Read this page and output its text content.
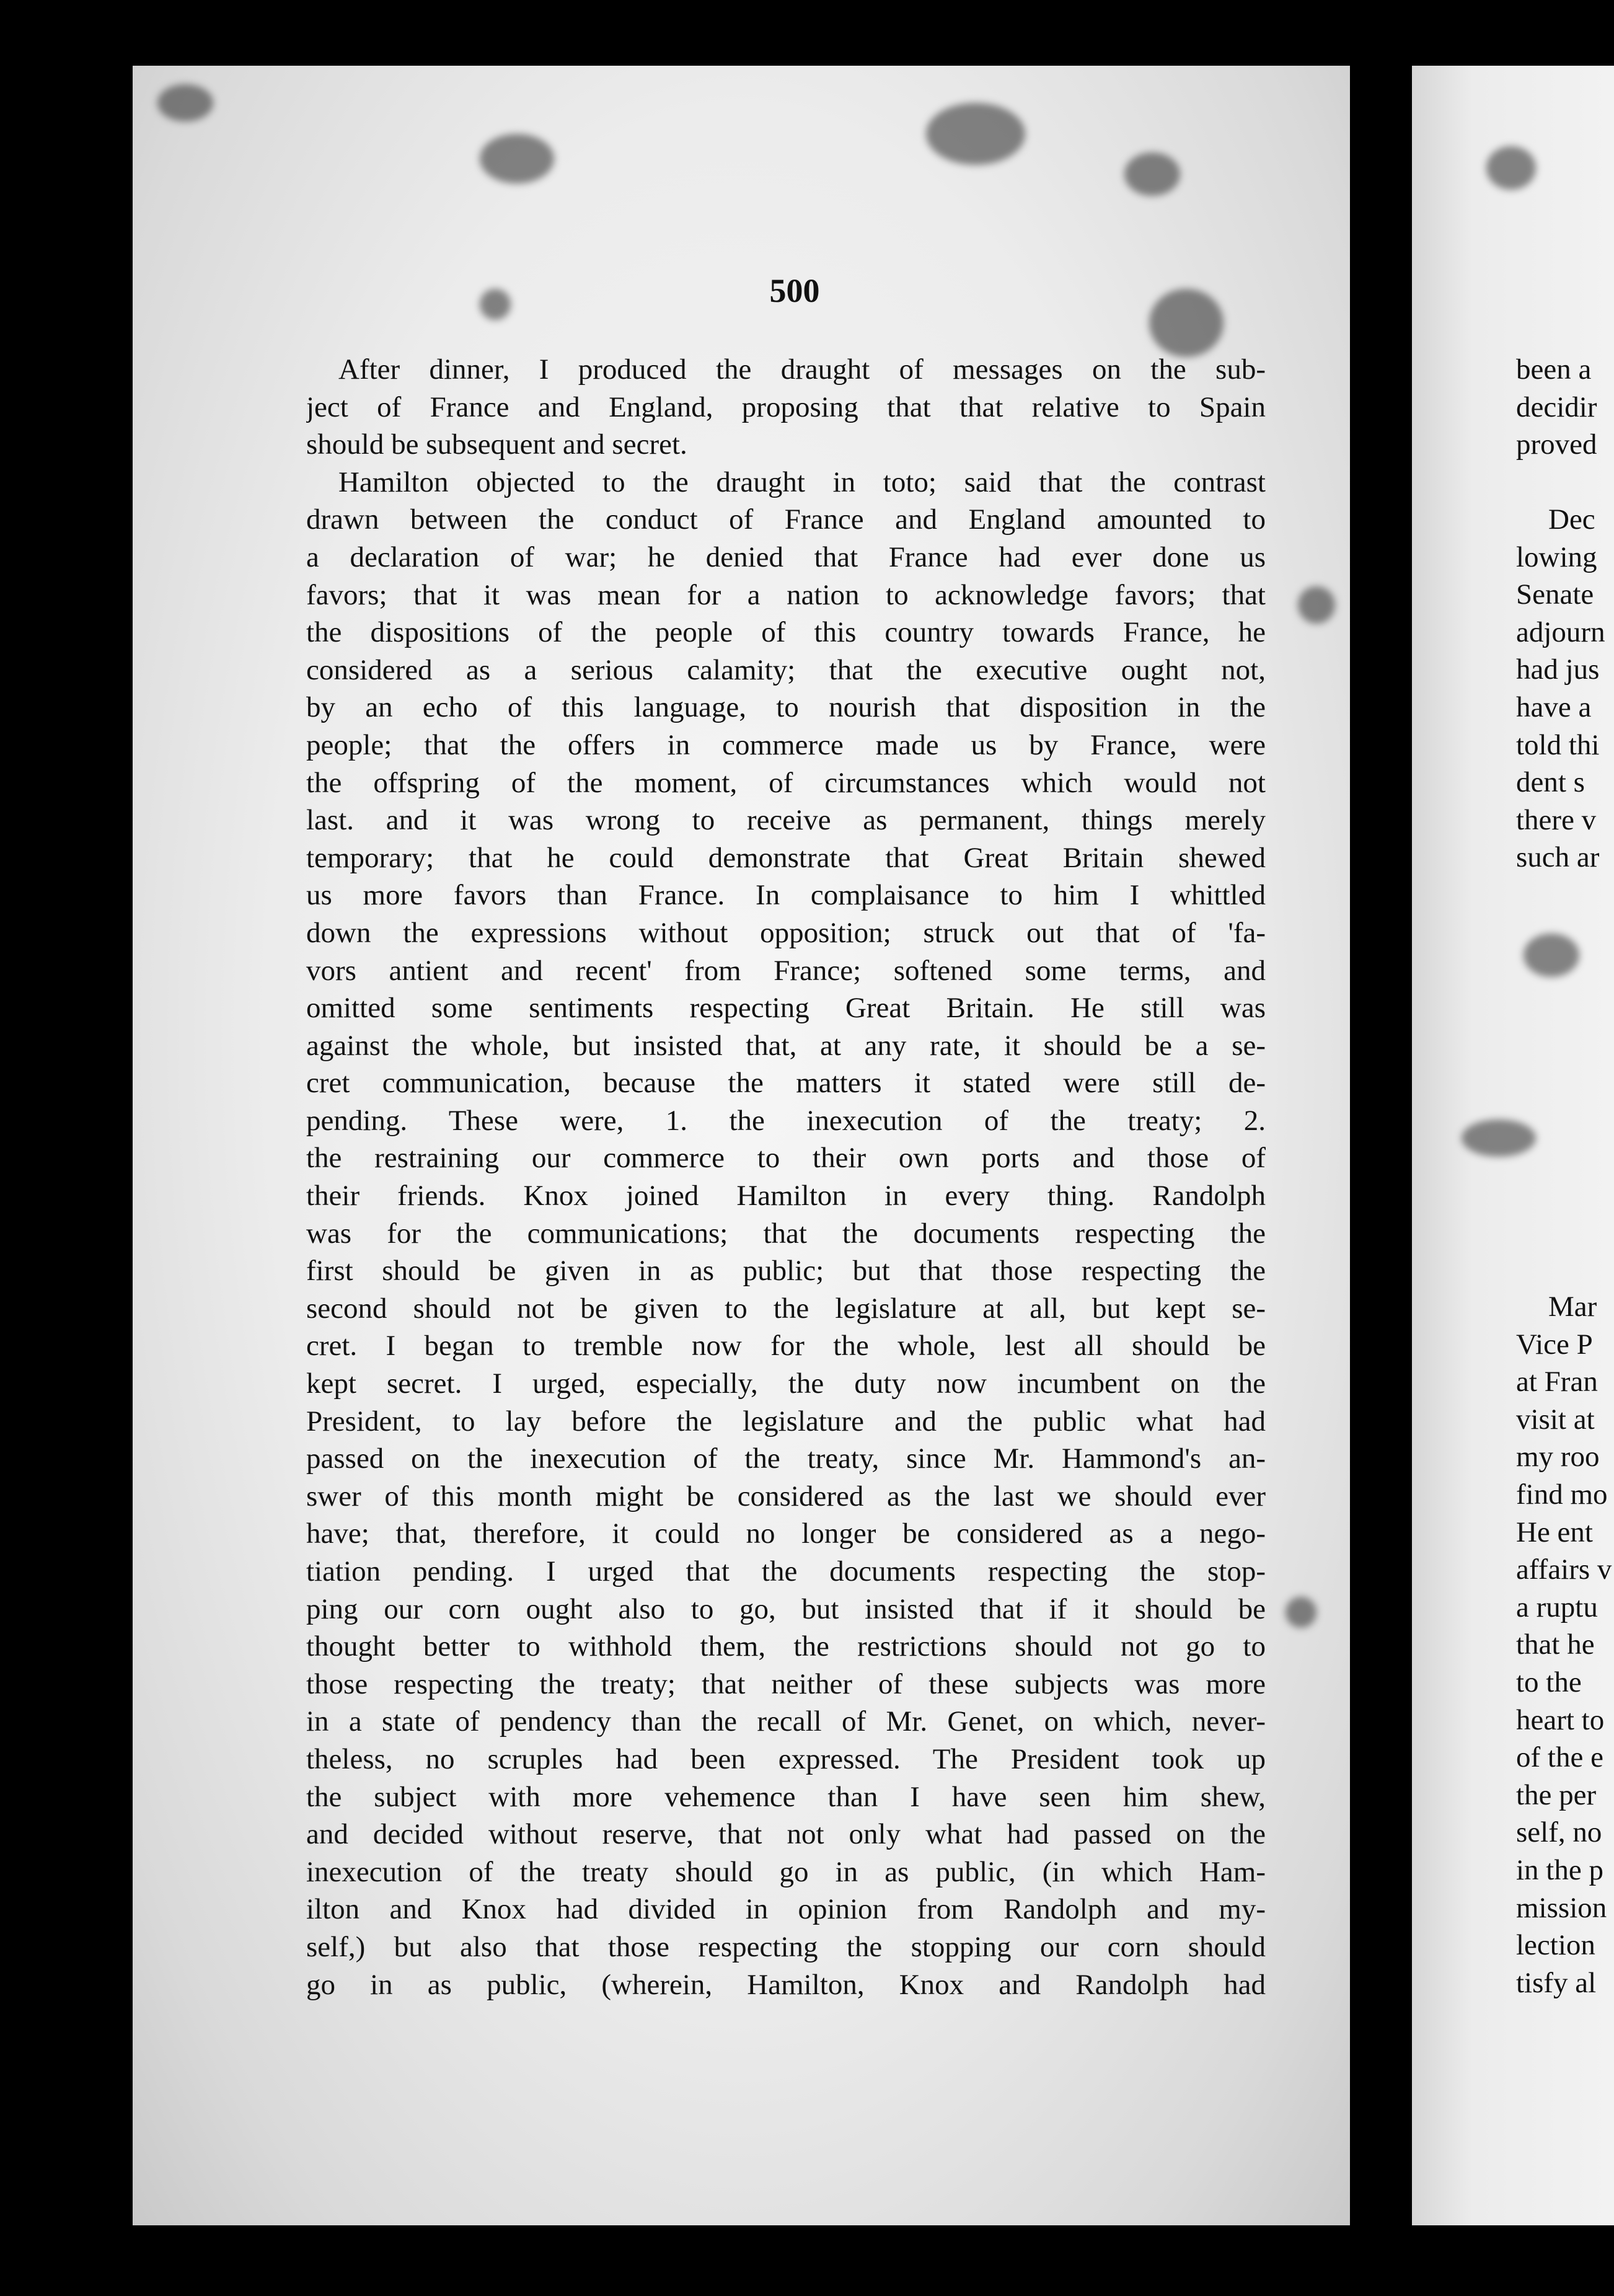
500
After dinner, I produced the draught of messages on the sub-
ject of France and England, proposing that that relative to Spain
should be subsequent and secret.
Hamilton objected to the draught in toto; said that the contrast
drawn between the conduct of France and England amounted to
a declaration of war; he denied that France had ever done us
favors; that it was mean for a nation to acknowledge favors; that
the dispositions of the people of this country towards France, he
considered as a serious calamity; that the executive ought not,
by an echo of this language, to nourish that disposition in the
people; that the offers in commerce made us by France, were
the offspring of the moment, of circumstances which would not
last. and it was wrong to receive as permanent, things merely
temporary; that he could demonstrate that Great Britain shewed
us more favors than France. In complaisance to him I whittled
down the expressions without opposition; struck out that of 'fa-
vors antient and recent' from France; softened some terms, and
omitted some sentiments respecting Great Britain. He still was
against the whole, but insisted that, at any rate, it should be a se-
cret communication, because the matters it stated were still de-
pending. These were, 1. the inexecution of the treaty; 2.
the restraining our commerce to their own ports and those of
their friends. Knox joined Hamilton in every thing. Randolph
was for the communications; that the documents respecting the
first should be given in as public; but that those respecting the
second should not be given to the legislature at all, but kept se-
cret. I began to tremble now for the whole, lest all should be
kept secret. I urged, especially, the duty now incumbent on the
President, to lay before the legislature and the public what had
passed on the inexecution of the treaty, since Mr. Hammond's an-
swer of this month might be considered as the last we should ever
have; that, therefore, it could no longer be considered as a nego-
tiation pending. I urged that the documents respecting the stop-
ping our corn ought also to go, but insisted that if it should be
thought better to withhold them, the restrictions should not go to
those respecting the treaty; that neither of these subjects was more
in a state of pendency than the recall of Mr. Genet, on which, never-
theless, no scruples had been expressed. The President took up
the subject with more vehemence than I have seen him shew,
and decided without reserve, that not only what had passed on the
inexecution of the treaty should go in as public, (in which Ham-
ilton and Knox had divided in opinion from Randolph and my-
self,) but also that those respecting the stopping our corn should
go in as public, (wherein, Hamilton, Knox and Randolph had
been a
decidir
proved
Dec
lowing
Senate
adjourn
had jus
have a
told thi
dent s
there v
such ar
Mar
Vice P
at Fran
visit at
my roo
find mo
He ent
affairs v
a ruptu
that he
to the
heart to
of the e
the per
self, no
in the p
mission
lection
tisfy al
